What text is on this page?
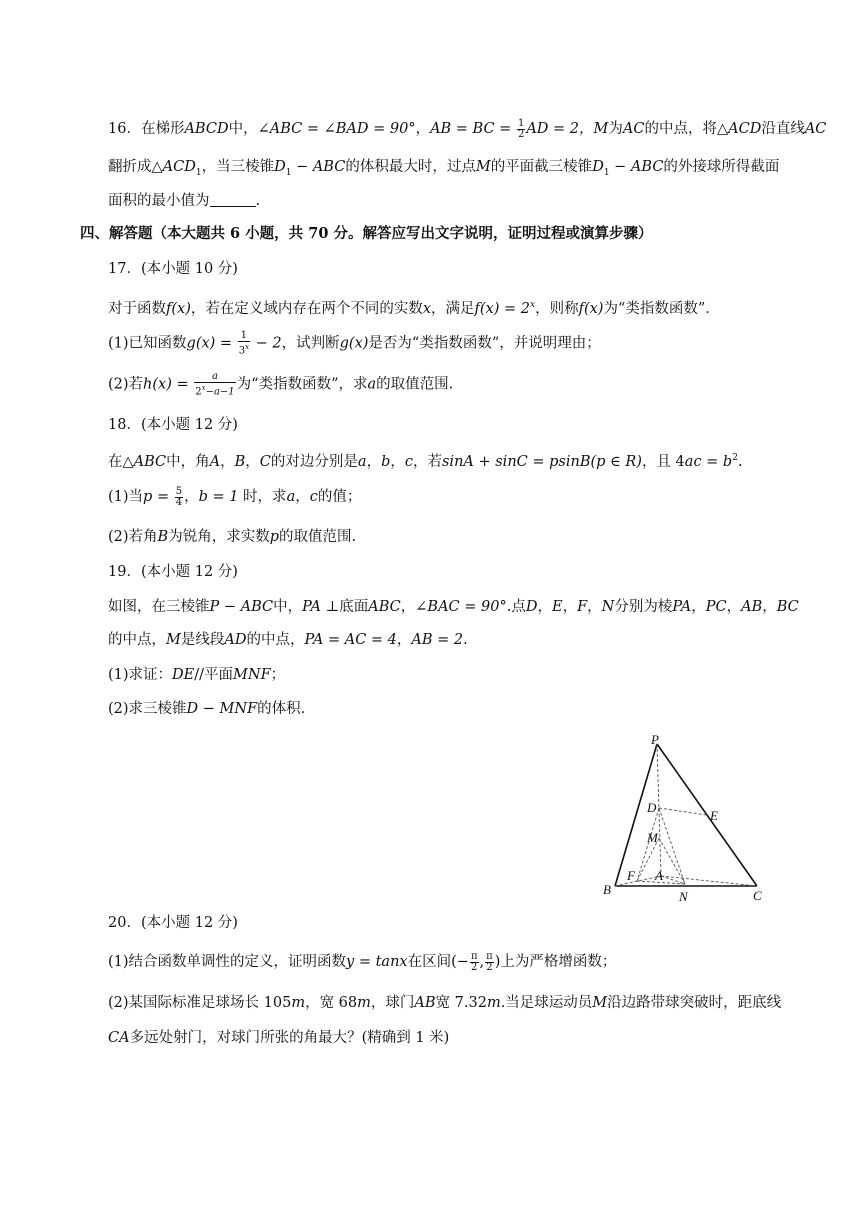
16．在梯形ABCD中，∠ABC = ∠BAD = 90°，AB = BC = $\frac{1}{2}$ AD = 2，M为AC的中点，将△ACD沿直线AC
翻折成$\triangle ACD_1$，当三棱锥$D_1$ − ABC的体积最大时，过点M的平面截三棱锥$D_1$ − ABC的外接球所得截面
面积的最小值为	.
四、解答题（本大题共 6 小题，共 70 分。解答应写出文字说明，证明过程或演算步骤）
17．(本小题 10 分)
对于函数f(x)，若在定义域内存在两个不同的实数x，满足$f(x) = 2^x$，则称f(x)为“类指数函数”．
(1)已知函数$g(x) = \frac{1}{3^x} - 2$，试判断g(x)是否为“类指数函数”，并说明理由；
(2)若$h(x) = \frac{a}{2^x-a-1}$ 为“类指数函数”，求a的取值范围.
18．(本小题 12 分)
在△ABC中，角A，B，C的对边分别是a，b，c，若sinA + sinC = psinB(p ∈ R)，且 $4ac = b^2$.
(1)当$p = \frac{5}{4}$ ，b = 1 时，求a，c的值；
(2)若角B为锐角，求实数p的取值范围.
19．(本小题 12 分)
如图，在三棱锥P − ABC中，PA ⊥底面ABC，∠BAC = 90°.点D，E，F，N分别为棱PA，PC，AB，BC
的中点，M是线段AD的中点，PA = AC = 4，AB = 2.
(1)求证：DE//平面MNF；
(2)求三棱锥D − MNF的体积.
P
D
E
M
F A
B	N	C
20．(本小题 12 分)
(1)结合函数单调性的定义，证明函数y = tanx在区间(− $\frac{\pi}{2}$ , $\frac{\pi}{2}$ )上为严格增函数；
(2)某国际标准足球场长 105m，宽 68m，球门AB宽 7.32m.当足球运动员M沿边路带球突破时，距底线
CA多远处射门，对球门所张的角最大？(精确到 1 米)
